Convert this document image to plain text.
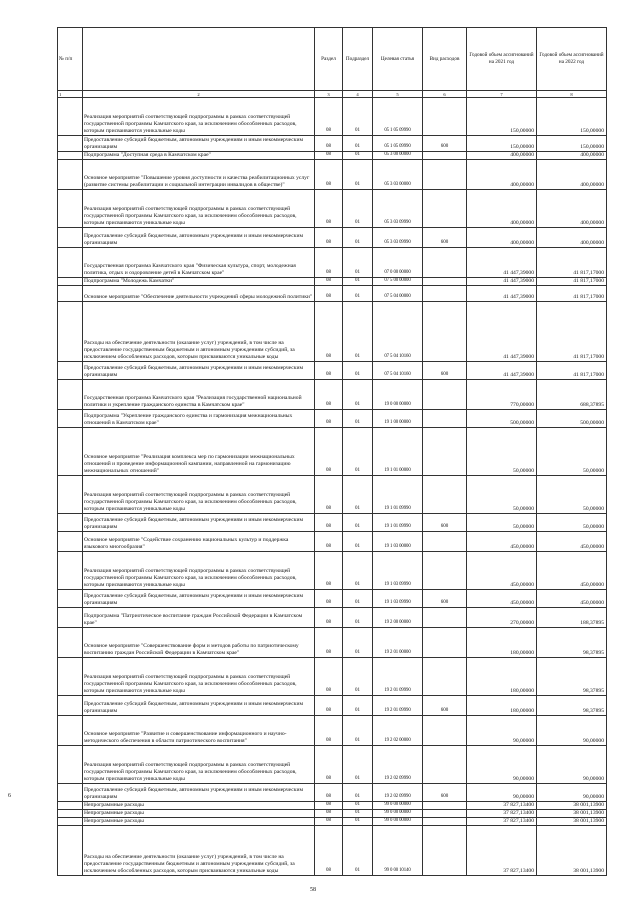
№ п/п		Раздел	Подраздел	Целевая статья	Вид расходов	Годовой объем ассигнований на 2021 год	Годовой объем ассигнований на 2022 год
1	2	3	4	5	6	7	8
	Реализация мероприятий соответствующей подпрограммы в рамках соответствующей государственной программы Камчатского края, за исключением обособленных расходов, которым присваиваются уникальные коды	08	01	05 1 05 09990		150,00000	150,00000
	Предоставление субсидий бюджетным, автономным учреждениям и иным некоммерческим организациям	08	01	05 1 05 09990	600	150,00000	150,00000
	Подпрограмма "Доступная среда в Камчатском крае"	08	01	05 3 00 00000		400,00000	400,00000
	Основное мероприятие "Повышение уровня доступности и качества реабилитационных услуг (развитие системы реабилитации и социальной интеграции инвалидов в обществе)"	08	01	05 3 03 00000		400,00000	400,00000
	Реализация мероприятий соответствующей подпрограммы в рамках соответствующей государственной программы Камчатского края, за исключением обособленных расходов, которым присваиваются уникальные коды	08	01	05 3 03 09990		400,00000	400,00000
	Предоставление субсидий бюджетным, автономным учреждениям и иным некоммерческим организациям	08	01	05 3 03 09990	600	400,00000	400,00000
	Государственная программа Камчатского края "Физическая культура, спорт, молодежная политика, отдых и оздоровление детей в Камчатском крае"	08	01	07 0 00 00000		41 447,39000	41 817,17000
	Подпрограмма "Молодежь Камчатки"	08	01	07 5 00 00000		41 447,39000	41 817,17000
	Основное мероприятие "Обеспечение деятельности учреждений сферы молодежной политики"	08	01	07 5 04 00000		41 447,39000	41 817,17000
	Расходы на обеспечение деятельности (оказание услуг) учреждений, в том числе на предоставление государственным бюджетным и автономным учреждениям субсидий, за исключением обособленных расходов, которым присваиваются уникальные коды	08	01	07 5 04 10160		41 447,39000	41 817,17000
	Предоставление субсидий бюджетным, автономным учреждениям и иным некоммерческим организациям	08	01	07 5 04 10160	600	41 447,39000	41 817,17000
	Государственная программа Камчатского края "Реализация государственной национальной политики и укрепление гражданского единства в Камчатском крае"	08	01	19 0 00 00000		770,00000	688,37895
	Подпрограмма "Укрепление гражданского единства и гармонизация межнациональных отношений в Камчатском крае"	08	01	19 1 00 00000		500,00000	500,00000
	Основное мероприятие "Реализация комплекса мер по гармонизации межнациональных отношений и проведение информационной кампании, направленной на гармонизацию межнациональных отношений"	08	01	19 1 01 00000		50,00000	50,00000
	Реализация мероприятий соответствующей подпрограммы в рамках соответствующей государственной программы Камчатского края, за исключением обособленных расходов, которым присваиваются уникальные коды	08	01	19 1 01 09990		50,00000	50,00000
	Предоставление субсидий бюджетным, автономным учреждениям и иным некоммерческим организациям	08	01	19 1 01 09990	600	50,00000	50,00000
	Основное мероприятие "Содействие сохранению национальных культур и поддержка языкового многообразия"	08	01	19 1 03 00000		450,00000	450,00000
	Реализация мероприятий соответствующей подпрограммы в рамках соответствующей государственной программы Камчатского края, за исключением обособленных расходов, которым присваиваются уникальные коды	08	01	19 1 03 09990		450,00000	450,00000
	Предоставление субсидий бюджетным, автономным учреждениям и иным некоммерческим организациям	08	01	19 1 03 09990	600	450,00000	450,00000
	Подпрограмма "Патриотическое воспитание граждан Российской Федерации в Камчатском крае"	08	01	19 2 00 00000		270,00000	188,37895
	Основное мероприятие "Совершенствование форм и методов работы по патриотическому воспитанию граждан Российской Федерации в Камчатском крае"	08	01	19 2 01 00000		180,00000	98,37895
	Реализация мероприятий соответствующей подпрограммы в рамках соответствующей государственной программы Камчатского края, за исключением обособленных расходов, которым присваиваются уникальные коды	08	01	19 2 01 09990		180,00000	98,37895
	Предоставление субсидий бюджетным, автономным учреждениям и иным некоммерческим организациям	08	01	19 2 01 09990	600	180,00000	98,37895
	Основное мероприятие "Развитие и совершенствование информационного и научно-методического обеспечения в области патриотического воспитания"	08	01	19 2 02 00000		90,00000	90,00000
	Реализация мероприятий соответствующей подпрограммы в рамках соответствующей государственной программы Камчатского края, за исключением обособленных расходов, которым присваиваются уникальные коды	08	01	19 2 02 09990		90,00000	90,00000
	Предоставление субсидий бюджетным, автономным учреждениям и иным некоммерческим организациям	08	01	19 2 02 09990	600	90,00000	90,00000
	Непрограммные расходы	08	01	99 0 00 00000		37 827,13400	38 001,13900
	Непрограммные расходы	08	01	99 0 00 00000		37 827,13400	38 001,13900
	Непрограммные расходы	08	01	99 0 00 00000		37 827,13400	38 001,13900
	Расходы на обеспечение деятельности (оказание услуг) учреждений, в том числе на предоставление государственным бюджетным и автономным учреждениям субсидий, за исключением обособленных расходов, которым присваиваются уникальные коды	08	01	99 0 00 10140		37 827,13400	38 001,13900
6
58
